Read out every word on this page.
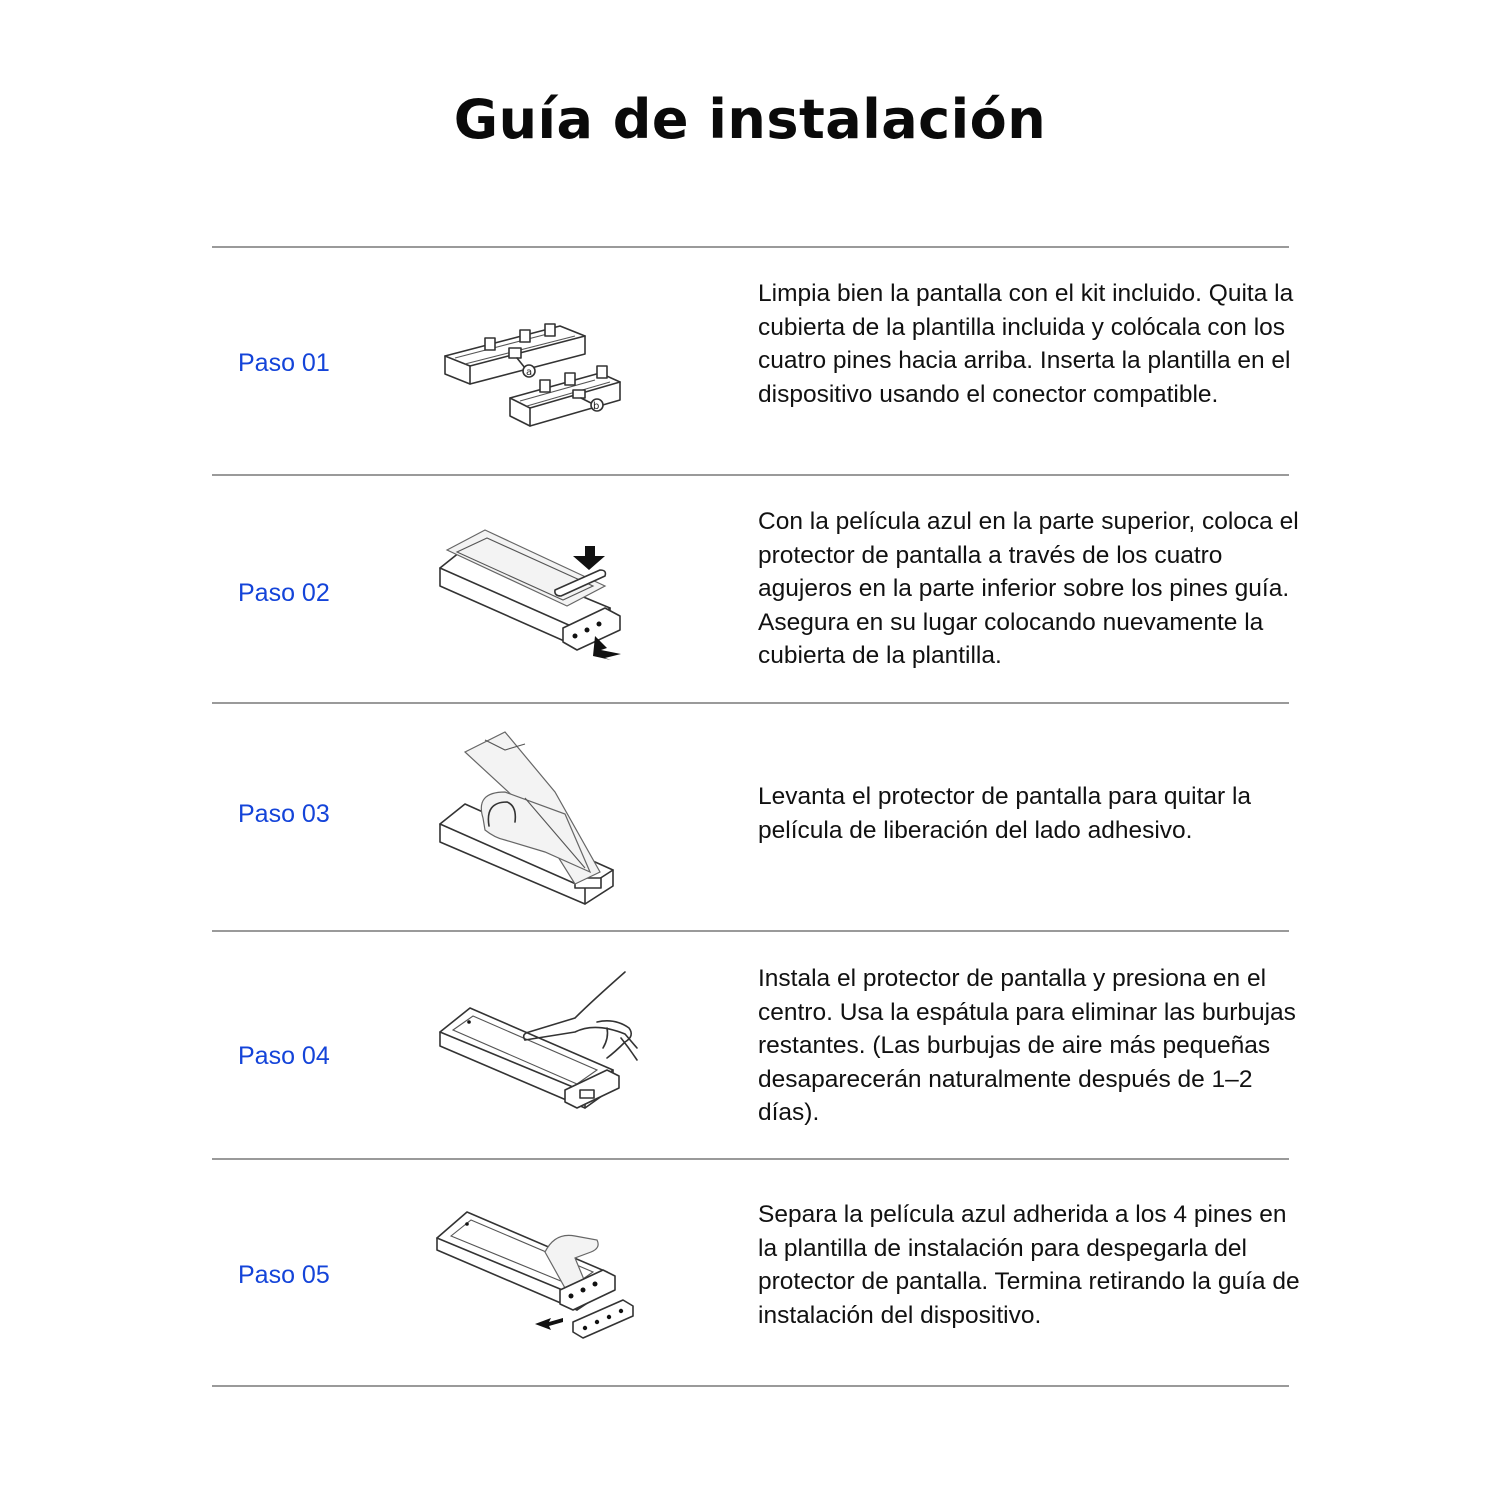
Guía de instalación
Paso 01	a
b

Limpia bien la pantalla con el kit incluido. Quita la cubierta de la plantilla incluida y colócala con los cuatro pines hacia arriba. Inserta la plantilla en el dispositivo usando el conector compatible.

Paso 02

Con la película azul en la parte superior, coloca el protector de pantalla a través de los cuatro agujeros en la parte inferior sobre los pines guía. Asegura en su lugar colocando nuevamente la cubierta de la plantilla.

Paso 03

Levanta el protector de pantalla para quitar la película de liberación del lado adhesivo.

Paso 04

Instala el protector de pantalla y presiona en el centro. Usa la espátula para eliminar las burbujas restantes. (Las burbujas de aire más pequeñas desaparecerán naturalmente después de 1–2 días).

Paso 05

Separa la película azul adherida a los 4 pines en la plantilla de instalación para despegarla del protector de pantalla. Termina retirando la guía de instalación del dispositivo.
